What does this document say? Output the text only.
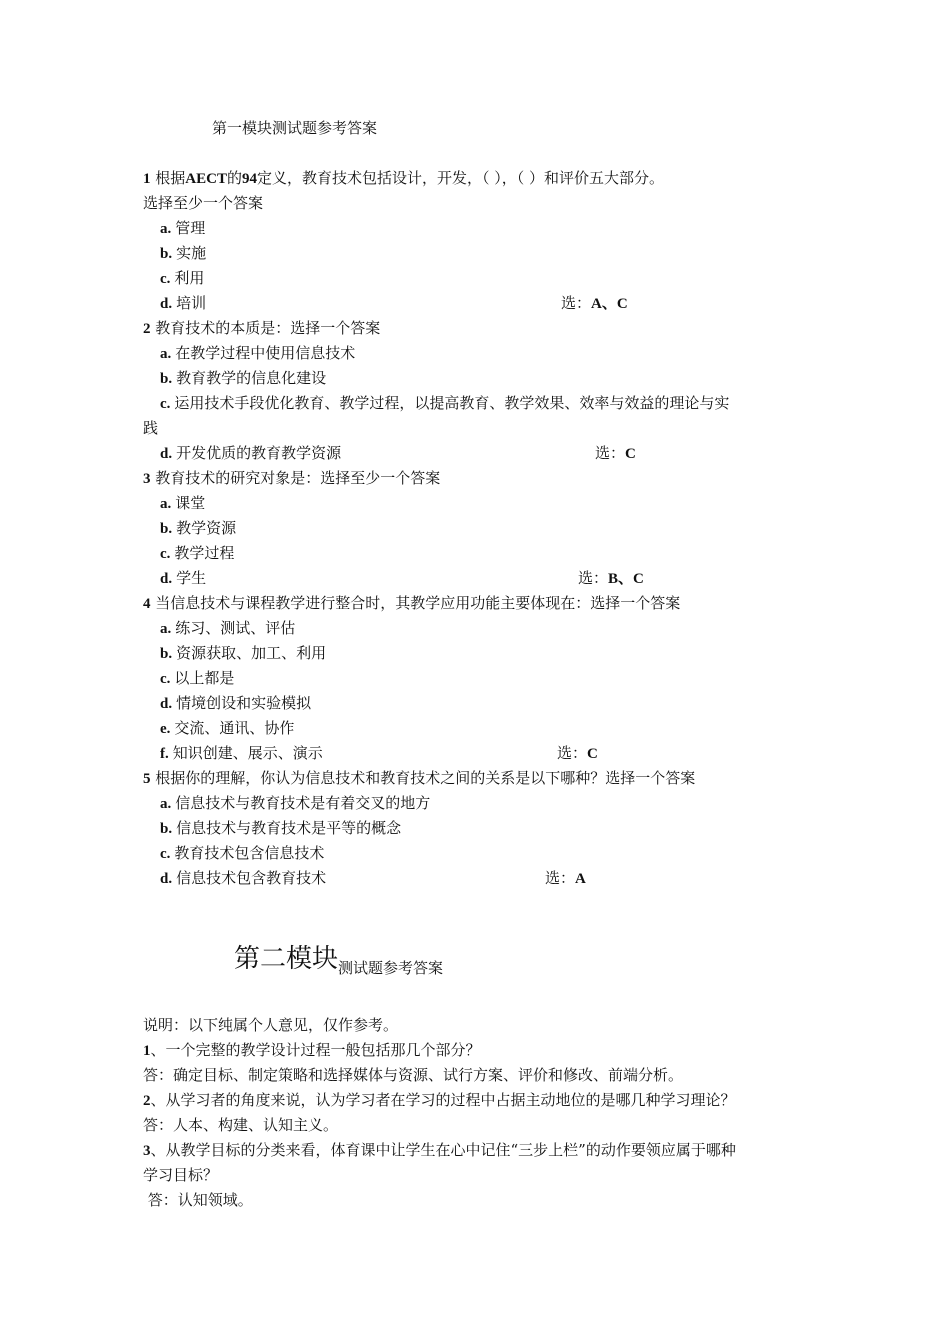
第一模块测试题参考答案
1 根据AECT的94定义，教育技术包括设计，开发，（ ），（ ）和评价五大部分。
选择至少一个答案
a. 管理
b. 实施
c. 利用
d. 培训	选：A、C
2 教育技术的本质是：选择一个答案
a. 在教学过程中使用信息技术
b. 教育教学的信息化建设
c. 运用技术手段优化教育、教学过程，以提高教育、教学效果、效率与效益的理论与实
践
d. 开发优质的教育教学资源	选：C
3 教育技术的研究对象是：选择至少一个答案
a. 课堂
b. 教学资源
c. 教学过程
d. 学生	选：B、C
4 当信息技术与课程教学进行整合时，其教学应用功能主要体现在：选择一个答案
a. 练习、测试、评估
b. 资源获取、加工、利用
c. 以上都是
d. 情境创设和实验模拟
e. 交流、通讯、协作
f. 知识创建、展示、演示	选：C
5 根据你的理解，你认为信息技术和教育技术之间的关系是以下哪种？选择一个答案
a. 信息技术与教育技术是有着交叉的地方
b. 信息技术与教育技术是平等的概念
c. 教育技术包含信息技术
d. 信息技术包含教育技术	选：A
第二模块测试题参考答案
说明：以下纯属个人意见，仅作参考。
1、一个完整的教学设计过程一般包括那几个部分？
答：确定目标、制定策略和选择媒体与资源、试行方案、评价和修改、前端分析。
2、从学习者的角度来说，认为学习者在学习的过程中占据主动地位的是哪几种学习理论？
答：人本、构建、认知主义。
3、从教学目标的分类来看，体育课中让学生在心中记住“三步上栏”的动作要领应属于哪种
学习目标？
答：认知领域。
